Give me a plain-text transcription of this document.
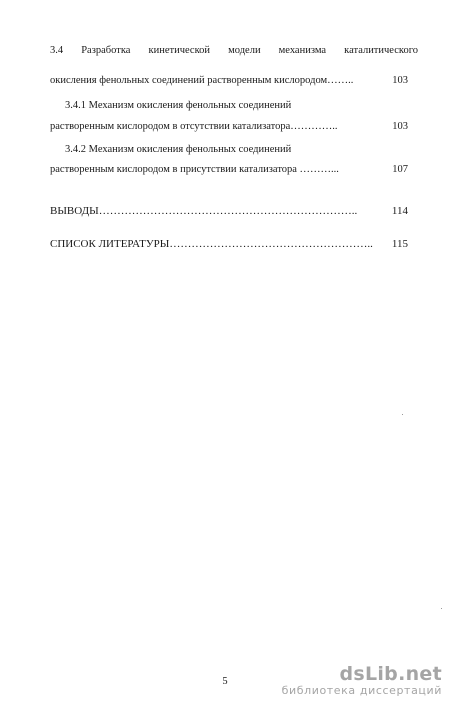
3.4 Разработка кинетической модели механизма каталитического
окисления фенольных соединений растворенным кислородом……..	103
3.4.1 Механизм окисления фенольных соединений
растворенным кислородом в отсутствии катализатора…………..	103
3.4.2 Механизм окисления фенольных соединений
растворенным кислородом в присутствии катализатора ………...	107
ВЫВОДЫ……………………………………………………………..	114
СПИСОК ЛИТЕРАТУРЫ………………………………………………..	115
5	dsLib.net
библиотека диссертаций
